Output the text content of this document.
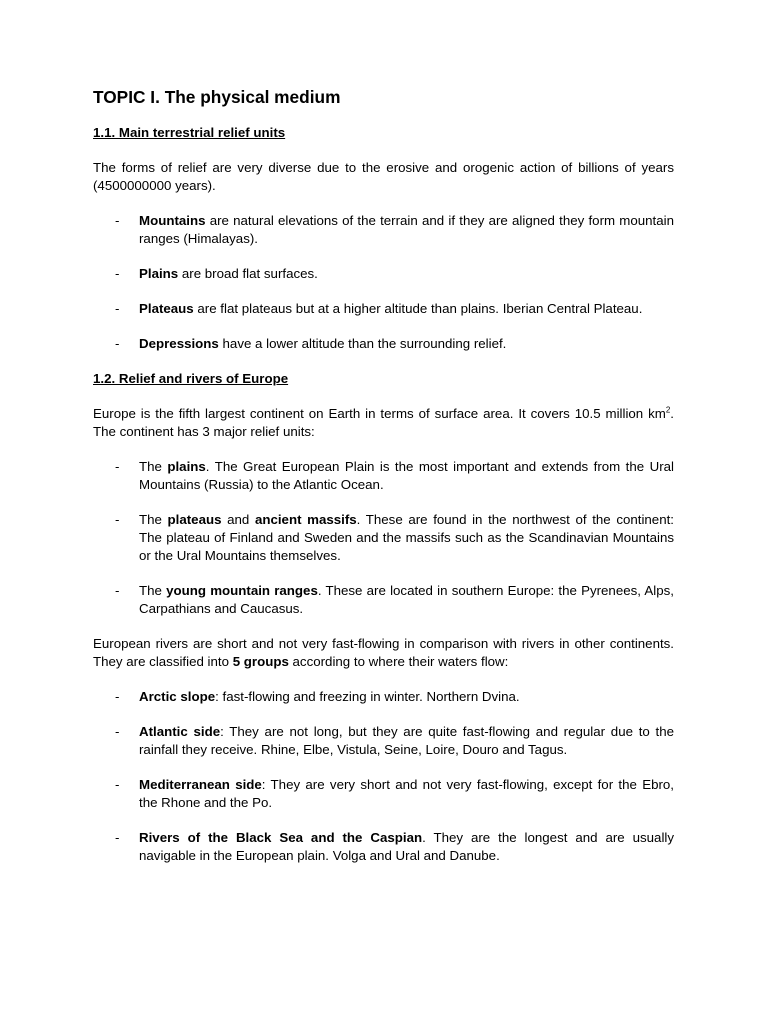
TOPIC I. The physical medium
1.1. Main terrestrial relief units

The forms of relief are very diverse due to the erosive and orogenic action of billions of years (4500000000 years).

- Mountains are natural elevations of the terrain and if they are aligned they form mountain ranges (Himalayas).
- Plains are broad flat surfaces.
- Plateaus are flat plateaus but at a higher altitude than plains. Iberian Central Plateau.
- Depressions have a lower altitude than the surrounding relief.
1.2. Relief and rivers of Europe

Europe is the fifth largest continent on Earth in terms of surface area. It covers 10.5 million $km^2$. The continent has 3 major relief units:

- The plains. The Great European Plain is the most important and extends from the Ural Mountains (Russia) to the Atlantic Ocean.
- The plateaus and ancient massifs. These are found in the northwest of the continent: The plateau of Finland and Sweden and the massifs such as the Scandinavian Mountains or the Ural Mountains themselves.
- The young mountain ranges. These are located in southern Europe: the Pyrenees, Alps, Carpathians and Caucasus.

European rivers are short and not very fast-flowing in comparison with rivers in other continents. They are classified into 5 groups according to where their waters flow:

- Arctic slope: fast-flowing and freezing in winter. Northern Dvina.
- Atlantic side: They are not long, but they are quite fast-flowing and regular due to the rainfall they receive. Rhine, Elbe, Vistula, Seine, Loire, Douro and Tagus.
- Mediterranean side: They are very short and not very fast-flowing, except for the Ebro, the Rhone and the Po.
- Rivers of the Black Sea and the Caspian. They are the longest and are usually navigable in the European plain. Volga and Ural and Danube.
